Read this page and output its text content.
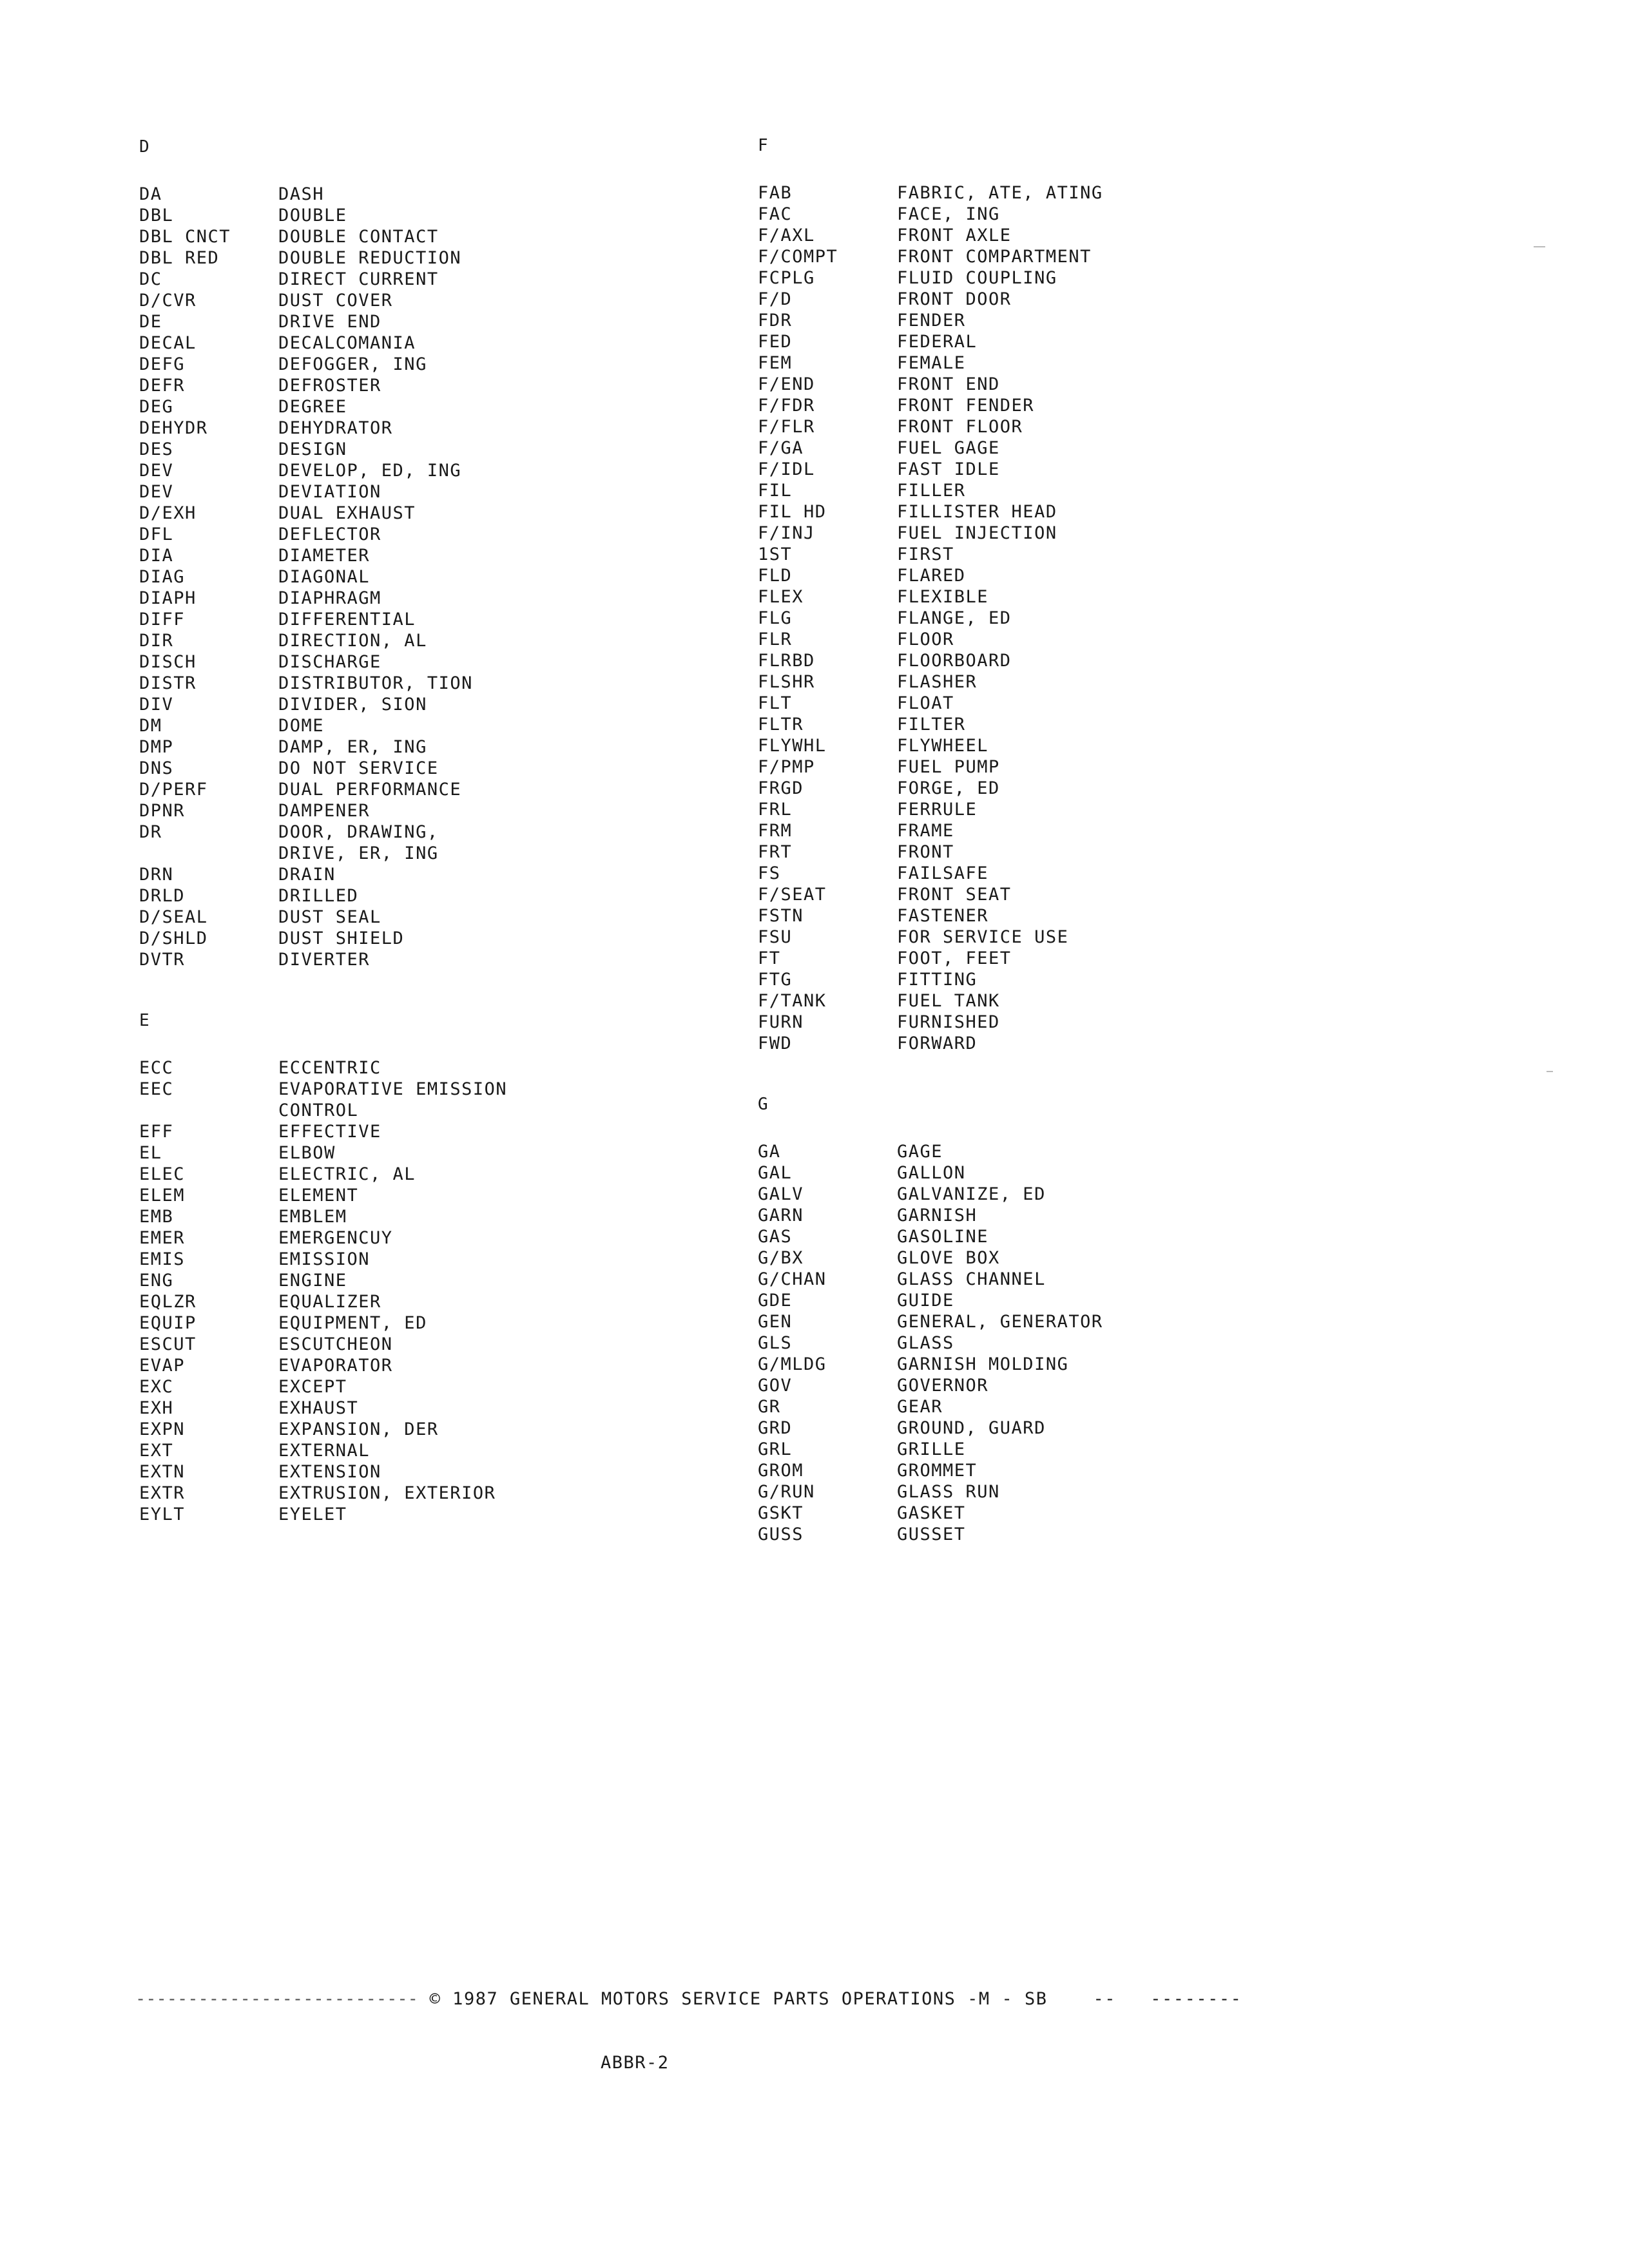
D
DA	DASH
DBL	DOUBLE
DBL CNCT	DOUBLE CONTACT
DBL RED	DOUBLE REDUCTION
DC	DIRECT CURRENT
D/CVR	DUST COVER
DE	DRIVE END
DECAL	DECALCOMANIA
DEFG	DEFOGGER, ING
DEFR	DEFROSTER
DEG	DEGREE
DEHYDR	DEHYDRATOR
DES	DESIGN
DEV	DEVELOP, ED, ING
DEV	DEVIATION
D/EXH	DUAL EXHAUST
DFL	DEFLECTOR
DIA	DIAMETER
DIAG	DIAGONAL
DIAPH	DIAPHRAGM
DIFF	DIFFERENTIAL
DIR	DIRECTION, AL
DISCH	DISCHARGE
DISTR	DISTRIBUTOR, TION
DIV	DIVIDER, SION
DM	DOME
DMP	DAMP, ER, ING
DNS	DO NOT SERVICE
D/PERF	DUAL PERFORMANCE
DPNR	DAMPENER
DR	DOOR, DRAWING,
DRIVE, ER, ING
DRN	DRAIN
DRLD	DRILLED
D/SEAL	DUST SEAL
D/SHLD	DUST SHIELD
DVTR	DIVERTER
E
ECC	ECCENTRIC
EEC	EVAPORATIVE EMISSION
CONTROL
EFF	EFFECTIVE
EL	ELBOW
ELEC	ELECTRIC, AL
ELEM	ELEMENT
EMB	EMBLEM
EMER	EMERGENCUY
EMIS	EMISSION
ENG	ENGINE
EQLZR	EQUALIZER
EQUIP	EQUIPMENT, ED
ESCUT	ESCUTCHEON
EVAP	EVAPORATOR
EXC	EXCEPT
EXH	EXHAUST
EXPN	EXPANSION, DER
EXT	EXTERNAL
EXTN	EXTENSION
EXTR	EXTRUSION, EXTERIOR
EYLT	EYELET
F
FAB	FABRIC, ATE, ATING
FAC	FACE, ING
F/AXL	FRONT AXLE
F/COMPT	FRONT COMPARTMENT
FCPLG	FLUID COUPLING
F/D	FRONT DOOR
FDR	FENDER
FED	FEDERAL
FEM	FEMALE
F/END	FRONT END
F/FDR	FRONT FENDER
F/FLR	FRONT FLOOR
F/GA	FUEL GAGE
F/IDL	FAST IDLE
FIL	FILLER
FIL HD	FILLISTER HEAD
F/INJ	FUEL INJECTION
1ST	FIRST
FLD	FLARED
FLEX	FLEXIBLE
FLG	FLANGE, ED
FLR	FLOOR
FLRBD	FLOORBOARD
FLSHR	FLASHER
FLT	FLOAT
FLTR	FILTER
FLYWHL	FLYWHEEL
F/PMP	FUEL PUMP
FRGD	FORGE, ED
FRL	FERRULE
FRM	FRAME
FRT	FRONT
FS	FAILSAFE
F/SEAT	FRONT SEAT
FSTN	FASTENER
FSU	FOR SERVICE USE
FT	FOOT, FEET
FTG	FITTING
F/TANK	FUEL TANK
FURN	FURNISHED
FWD	FORWARD
G
GA	GAGE
GAL	GALLON
GALV	GALVANIZE, ED
GARN	GARNISH
GAS	GASOLINE
G/BX	GLOVE BOX
G/CHAN	GLASS CHANNEL
GDE	GUIDE
GEN	GENERAL, GENERATOR
GLS	GLASS
G/MLDG	GARNISH MOLDING
GOV	GOVERNOR
GR	GEAR
GRD	GROUND, GUARD
GRL	GRILLE
GROM	GROMMET
G/RUN	GLASS RUN
GSKT	GASKET
GUSS	GUSSET

--------------------------- © 1987 GENERAL MOTORS SERVICE PARTS OPERATIONS -M - SB	-- --------

ABBR-2
